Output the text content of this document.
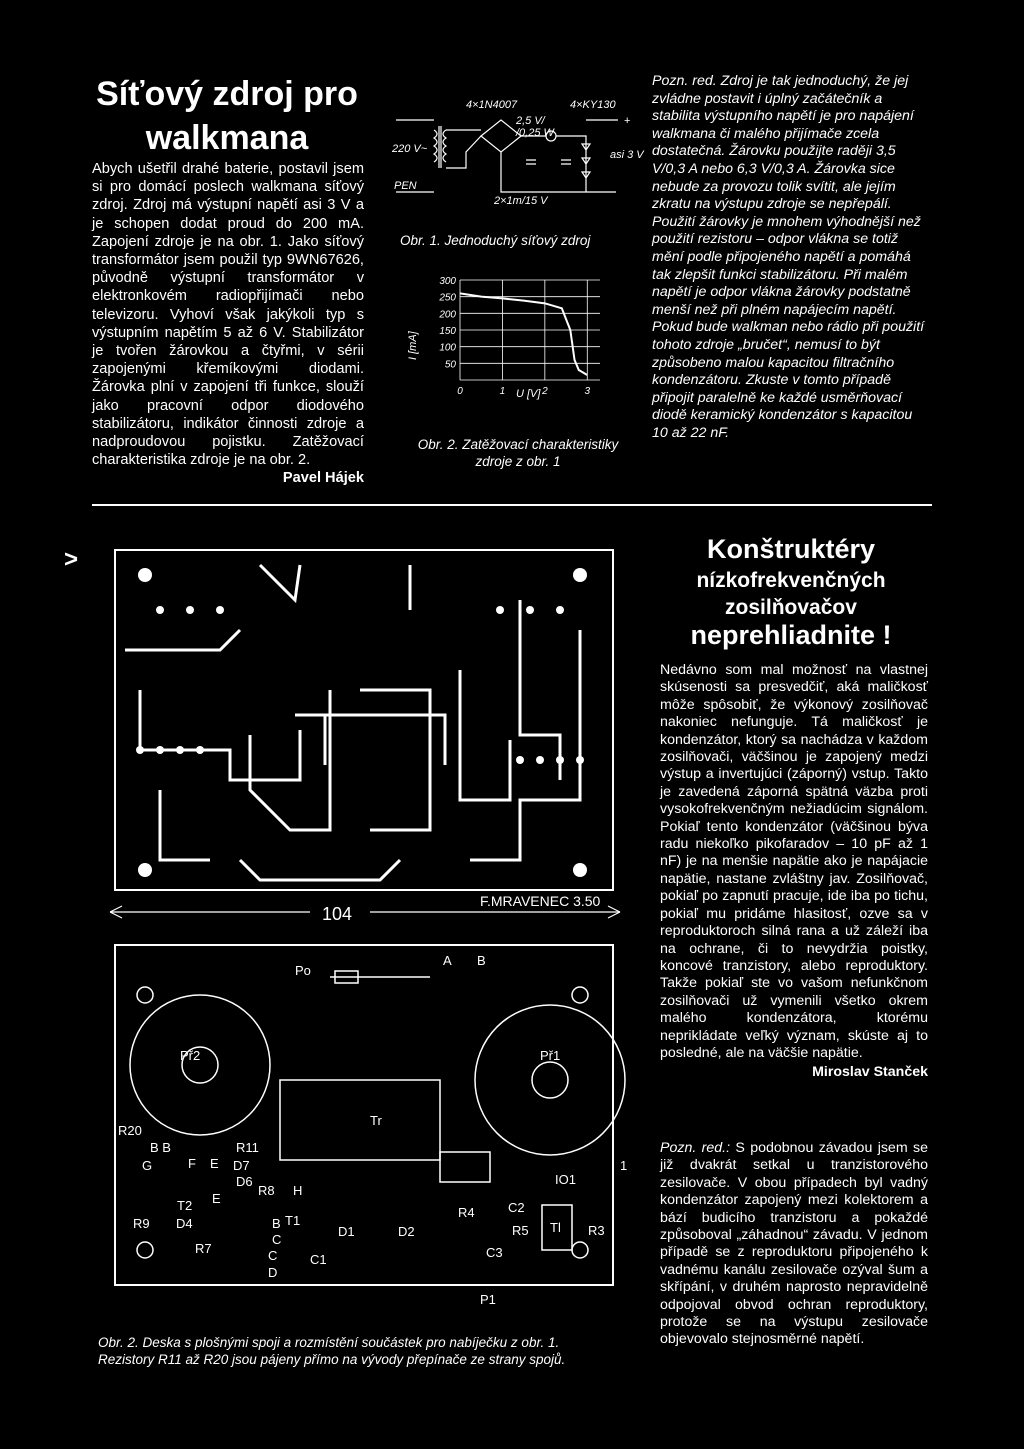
Síťový zdroj pro
walkmana
Abych ušetřil drahé baterie, postavil jsem si pro domácí poslech walkmana síťový zdroj. Zdroj má výstupní napětí asi 3 V a je schopen dodat proud do 200 mA. Zapojení zdroje je na obr. 1. Jako síťový transformátor jsem použil typ 9WN67626, původně výstupní transformátor v elektronkovém radiopřijímači nebo televizoru. Vyhoví však jakýkoli typ s výstupním napětím 5 až 6 V. Stabilizátor je tvořen žárovkou a čtyřmi, v sérii zapojenými křemíkovými diodami. Žárovka plní v zapojení tři funkce, slouží jako pracovní odpor diodového stabilizátoru, indikátor činnosti zdroje a nadproudovou pojistku. Zatěžovací charakteristika zdroje je na obr. 2.
Pavel Hájek
4×1N4007	4×KY130
2,5 V/
/0,25 W
220 V~
PEN
2×1m/15 V
asi 3 V
+
Obr. 1. Jednoduchý síťový zdroj
300
250
200
150
100
50
0	1	2	3
I [mA]
U [V]
Obr. 2. Zatěžovací charakteristiky
zdroje z obr. 1
Pozn. red. Zdroj je tak jednoduchý, že jej zvládne postavit i úplný začátečník a stabilita výstupního napětí je pro napájení walkmana či malého přijímače zcela dostatečná. Žárovku použijte raději 3,5 V/0,3 A nebo 6,3 V/0,3 A. Žárovka sice nebude za provozu tolik svítit, ale jejím zkratu na výstupu zdroje se nepřepálí. Použití žárovky je mnohem výhodnější než použití rezistoru – odpor vlákna se totiž mění podle připojeného napětí a pomáhá tak zlepšit funkci stabilizátoru. Při malém napětí je odpor vlákna žárovky podstatně menší než při plném napájecím napětí. Pokud bude walkman nebo rádio při použití tohoto zdroje „bručet“, nemusí to být způsobeno malou kapacitou filtračního kondenzátoru. Zkuste v tomto případě připojit paralelně ke každé usměrňovací diodě keramický kondenzátor s kapacitou 10 až 22 nF.
>
104
F.MRAVENEC 3.50
Po
A B
Př2	Př1
Tr
R20
R11
B B
G	F E D7
D6
R8 H
T2 E
R9 D4	T1
B
C
R7	C
D
C1
D1	D2
R4	C2
R5
C3
P1
IO1
R3
Tl
1
Obr. 2. Deska s plošnými spoji a rozmístění součástek pro nabíječku z obr. 1.
Rezistory R11 až R20 jsou pájeny přímo na vývody přepínače ze strany spojů.
Konštruktéry
nízkofrekvenčných
zosilňovačov
neprehliadnite !
Nedávno som mal možnosť na vlastnej skúsenosti sa presvedčiť, aká maličkosť môže spôsobiť, že výkonový zosilňovač nakoniec nefunguje. Tá maličkosť je kondenzátor, ktorý sa nachádza v každom zosilňovači, väčšinou je zapojený medzi výstup a invertujúci (záporný) vstup. Takto je zavedená záporná spätná väzba proti vysokofrekvenčným nežiadúcim signálom. Pokiaľ tento kondenzátor (väčšinou býva radu niekoľko pikofaradov – 10 pF až 1 nF) je na menšie napätie ako je napájacie napätie, nastane zvláštny jav. Zosilňovač, pokiaľ po zapnutí pracuje, ide iba po tichu, pokiaľ mu pridáme hlasitosť, ozve sa v reproduktoroch silná rana a už záleží iba na ochrane, či to nevydržia poistky, koncové tranzistory, alebo reproduktory. Takže pokiaľ ste vo vašom nefunkčnom zosilňovači už vymenili všetko okrem malého kondenzátora, ktorému neprikládate veľký význam, skúste aj to posledné, ale na väčšie napätie.
Miroslav Stanček
Pozn. red.: S podobnou závadou jsem se již dvakrát setkal u tranzistorového zesilovače. V obou případech byl vadný kondenzátor zapojený mezi kolektorem a bází budicího tranzistoru a pokaždé způsoboval „záhadnou“ závadu. V jednom případě se z reproduktoru připojeného k vadnému kanálu zesilovače ozýval šum a skřípání, v druhém naprosto nepravidelně odpojoval obvod ochran reproduktory, protože se na výstupu zesilovače objevovalo stejnosměrné napětí.
